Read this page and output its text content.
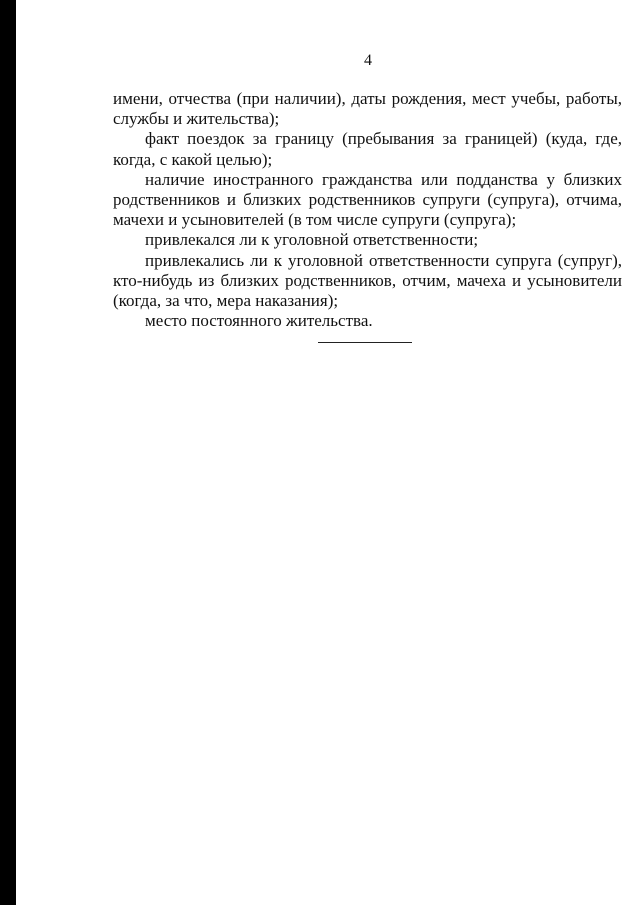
4
имени, отчества (при наличии), даты рождения, мест учебы, работы,
службы и жительства);
факт поездок за границу (пребывания за границей) (куда, где,
когда, с какой целью);
наличие иностранного гражданства или подданства у близких
родственников и близких родственников супруги (супруга), отчима,
мачехи и усыновителей (в том числе супруги (супруга);
привлекался ли к уголовной ответственности;
привлекались ли к уголовной ответственности супруга (супруг),
кто-нибудь из близких родственников, отчим, мачеха и усыновители
(когда, за что, мера наказания);
место постоянного жительства.
